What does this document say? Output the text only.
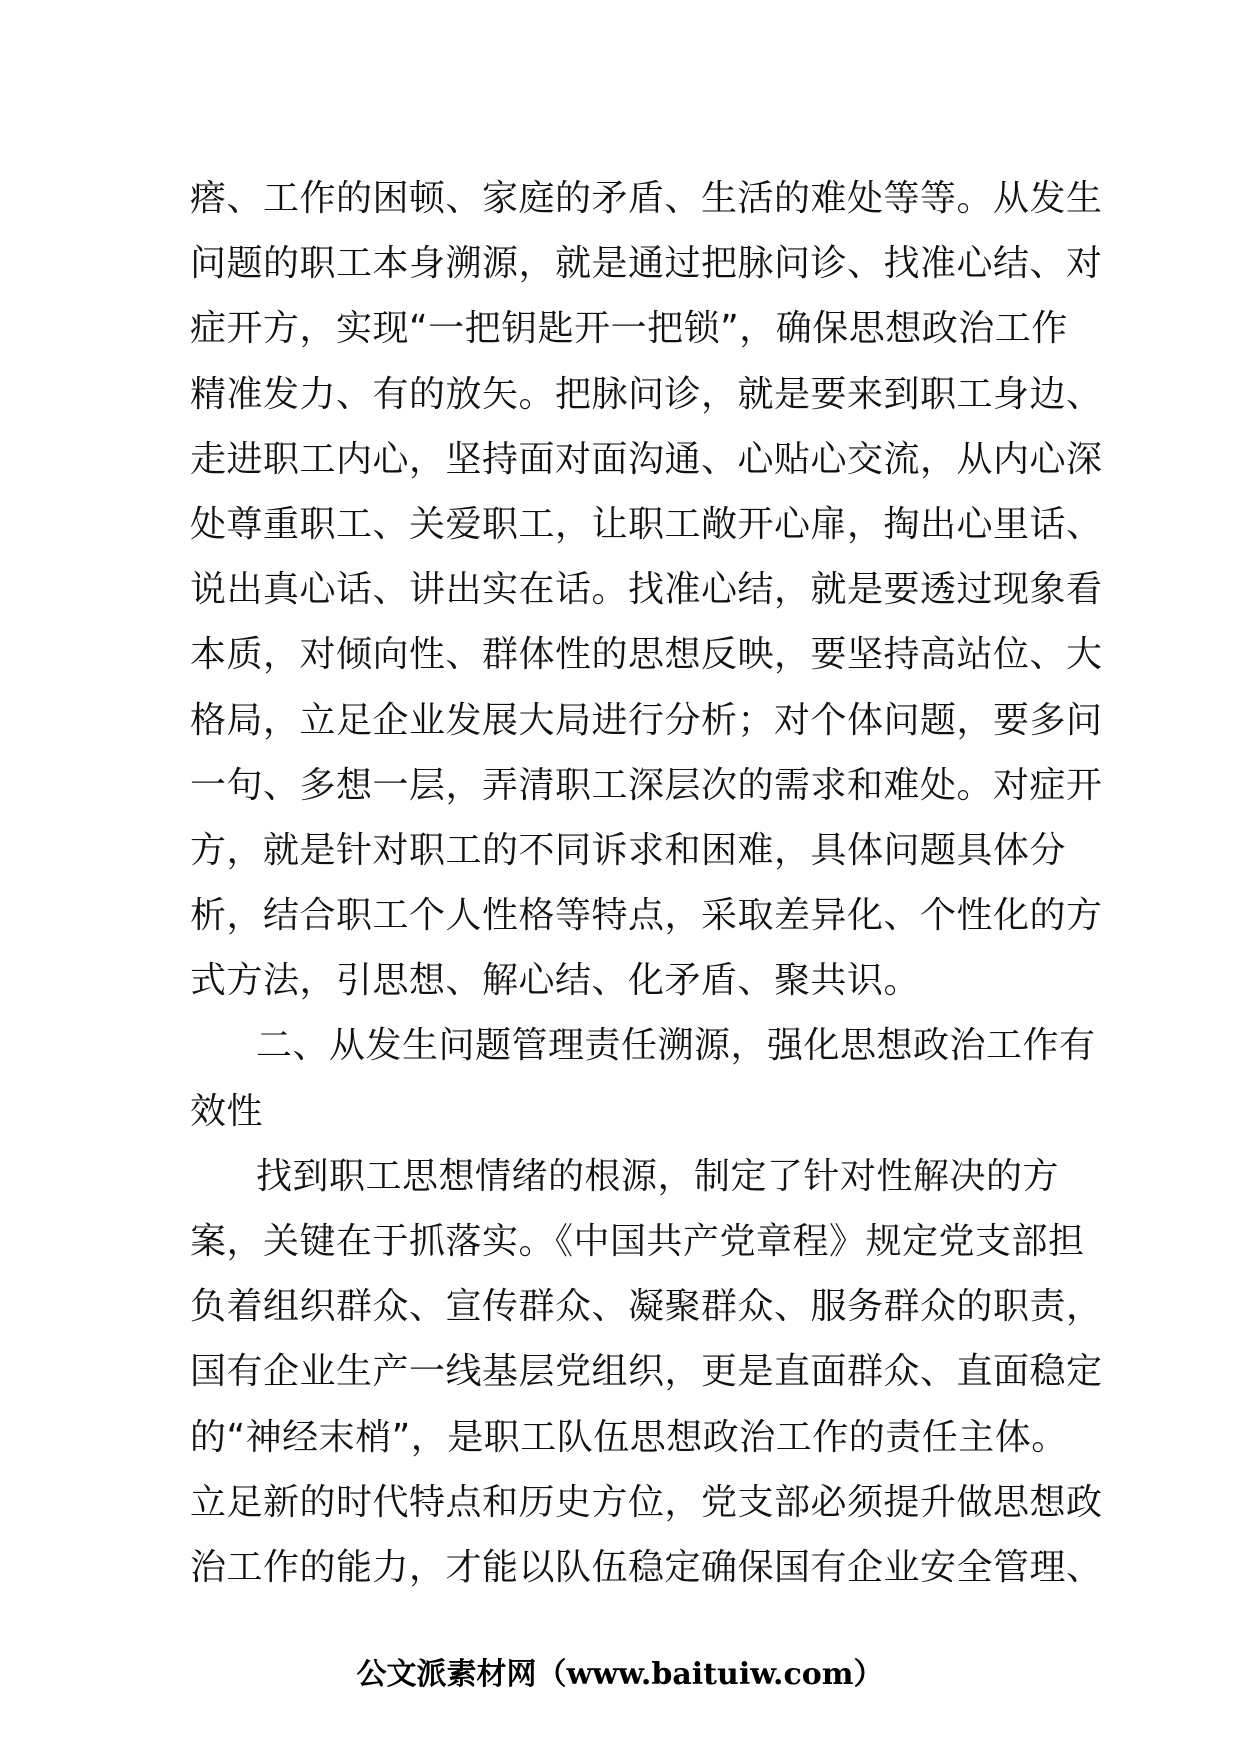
瘩、工作的困顿、家庭的矛盾、生活的难处等等。从发生
问题的职工本身溯源，就是通过把脉问诊、找准心结、对
症开方，实现“一把钥匙开一把锁”，确保思想政治工作
精准发力、有的放矢。把脉问诊，就是要来到职工身边、
走进职工内心，坚持面对面沟通、心贴心交流，从内心深
处尊重职工、关爱职工，让职工敞开心扉，掏出心里话、
说出真心话、讲出实在话。找准心结，就是要透过现象看
本质，对倾向性、群体性的思想反映，要坚持高站位、大
格局，立足企业发展大局进行分析；对个体问题，要多问
一句、多想一层，弄清职工深层次的需求和难处。对症开
方，就是针对职工的不同诉求和困难，具体问题具体分
析，结合职工个人性格等特点，采取差异化、个性化的方
式方法，引思想、解心结、化矛盾、聚共识。
二、从发生问题管理责任溯源，强化思想政治工作有
效性
找到职工思想情绪的根源，制定了针对性解决的方
案，关键在于抓落实。《中国共产党章程》规定党支部担
负着组织群众、宣传群众、凝聚群众、服务群众的职责，
国有企业生产一线基层党组织，更是直面群众、直面稳定
的“神经末梢”，是职工队伍思想政治工作的责任主体。
立足新的时代特点和历史方位，党支部必须提升做思想政
治工作的能力，才能以队伍稳定确保国有企业安全管理、
公文派素材网（www.baituiw.com）
